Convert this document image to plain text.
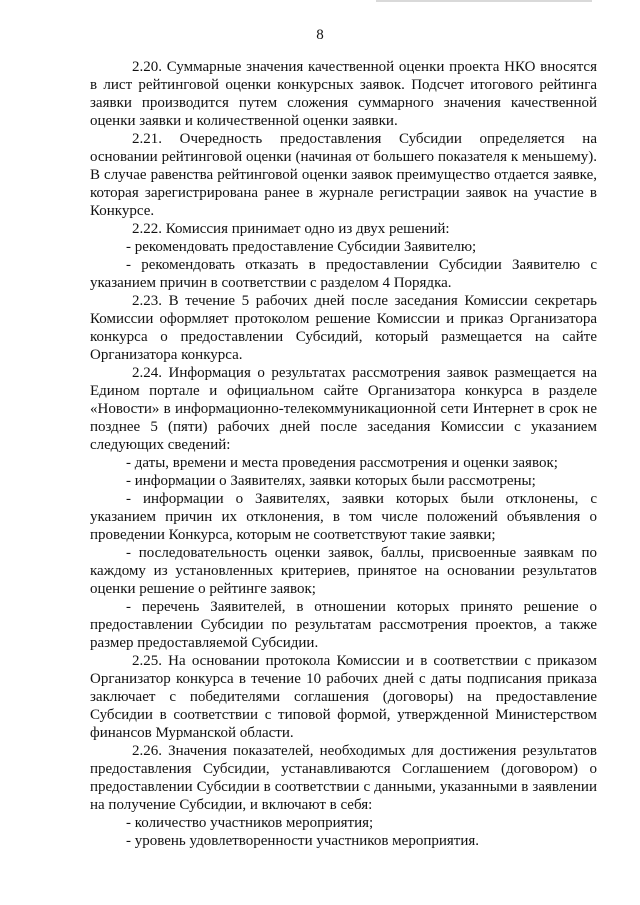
8

2.20. Суммарные значения качественной оценки проекта НКО вносятся в лист рейтинговой оценки конкурсных заявок. Подсчет итогового рейтинга заявки производится путем сложения суммарного значения качественной оценки заявки и количественной оценки заявки.

2.21. Очередность предоставления Субсидии определяется на основании рейтинговой оценки (начиная от большего показателя к меньшему). В случае равенства рейтинговой оценки заявок преимущество отдается заявке, которая зарегистрирована ранее в журнале регистрации заявок на участие в Конкурсе.

2.22. Комиссия принимает одно из двух решений:

- рекомендовать предоставление Субсидии Заявителю;

- рекомендовать отказать в предоставлении Субсидии Заявителю с указанием причин в соответствии с разделом 4 Порядка.

2.23. В течение 5 рабочих дней после заседания Комиссии секретарь Комиссии оформляет протоколом решение Комиссии и приказ Организатора конкурса о предоставлении Субсидий, который размещается на сайте Организатора конкурса.

2.24. Информация о результатах рассмотрения заявок размещается на Едином портале и официальном сайте Организатора конкурса в разделе «Новости» в информационно-телекоммуникационной сети Интернет в срок не позднее 5 (пяти) рабочих дней после заседания Комиссии с указанием следующих сведений:

- даты, времени и места проведения рассмотрения и оценки заявок;

- информации о Заявителях, заявки которых были рассмотрены;

- информации о Заявителях, заявки которых были отклонены, с указанием причин их отклонения, в том числе положений объявления о проведении Конкурса, которым не соответствуют такие заявки;

- последовательность оценки заявок, баллы, присвоенные заявкам по каждому из установленных критериев, принятое на основании результатов оценки решение о рейтинге заявок;

- перечень Заявителей, в отношении которых принято решение о предоставлении Субсидии по результатам рассмотрения проектов, а также размер предоставляемой Субсидии.

2.25. На основании протокола Комиссии и в соответствии с приказом Организатор конкурса в течение 10 рабочих дней с даты подписания приказа заключает с победителями соглашения (договоры) на предоставление Субсидии в соответствии с типовой формой, утвержденной Министерством финансов Мурманской области.

2.26. Значения показателей, необходимых для достижения результатов предоставления Субсидии, устанавливаются Соглашением (договором) о предоставлении Субсидии в соответствии с данными, указанными в заявлении на получение Субсидии, и включают в себя:

- количество участников мероприятия;

- уровень удовлетворенности участников мероприятия.
